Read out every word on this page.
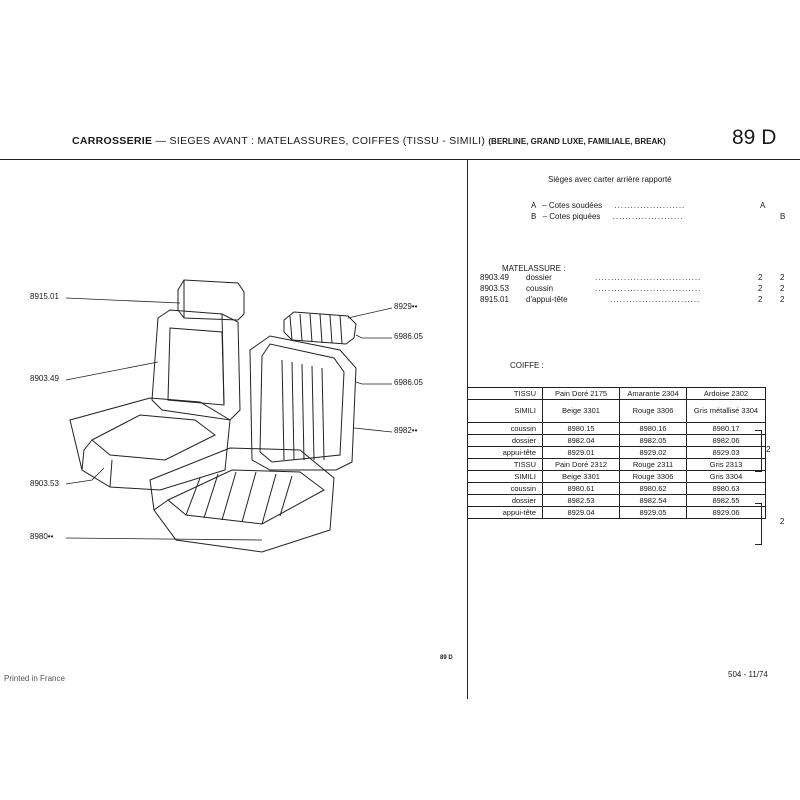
CARROSSERIE — SIEGES AVANT : MATELASSURES, COIFFES (TISSU - SIMILI) (BERLINE, GRAND LUXE, FAMILIALE, BREAK)	89 D
8915.01
8903.49
8903.53
8980••
8929••
6986.05
6986.05
8982••
Sièges avec carter arrière rapporté
A – Cotes soudées ......................	A
B – Cotes piquées ......................	B
MATELASSURE :
8903.49 dossier	.................................	2 2
8903.53 coussin	.................................	2 2
8915.01 d'appui-tête	............................	2 2
COIFFE :
TISSU	Pain Doré 2175	Amarante 2304	Ardoise 2302
SIMILI	Beige 3301	Rouge 3306	Gris métallisé 3304
coussin	8980.15	8980.16	8980.17
dossier	8982.04	8982.05	8982.06
appui-tête	8929.01	8929.02	8929.03
TISSU	Pain Doré 2312	Rouge 2311	Gris 2313
SIMILI	Beige 3301	Rouge 3306	Gris 3304
coussin	8980.61	8980.62	8980.63
dossier	8982.53	8982.54	8982.55
appui-tête	8929.04	8929.05	8929.06
2
2
89 D
Printed in France	504 - 11/74
